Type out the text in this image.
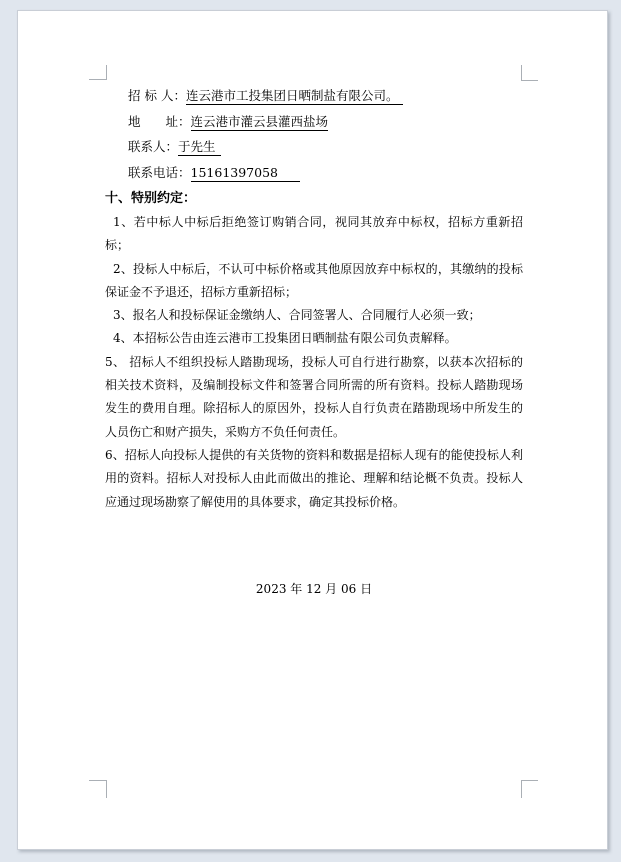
招 标 人：连云港市工投集团日晒制盐有限公司。

地　　址：连云港市灌云县灌西盐场

联系人：于先生

联系电话：15161397058

十、特别约定：

1、若中标人中标后拒绝签订购销合同，视同其放弃中标权，招标方重新招标；

2、投标人中标后，不认可中标价格或其他原因放弃中标权的，其缴纳的投标保证金不予退还，招标方重新招标；

3、报名人和投标保证金缴纳人、合同签署人、合同履行人必须一致；

4、本招标公告由连云港市工投集团日晒制盐有限公司负责解释。

5、 招标人不组织投标人踏勘现场，投标人可自行进行勘察，以获本次招标的相关技术资料，及编制投标文件和签署合同所需的所有资料。投标人踏勘现场发生的费用自理。除招标人的原因外，投标人自行负责在踏勘现场中所发生的人员伤亡和财产损失，采购方不负任何责任。

6、招标人向投标人提供的有关货物的资料和数据是招标人现有的能使投标人利用的资料。招标人对投标人由此而做出的推论、理解和结论概不负责。投标人应通过现场勘察了解使用的具体要求，确定其投标价格。

2023 年 12 月 06 日
